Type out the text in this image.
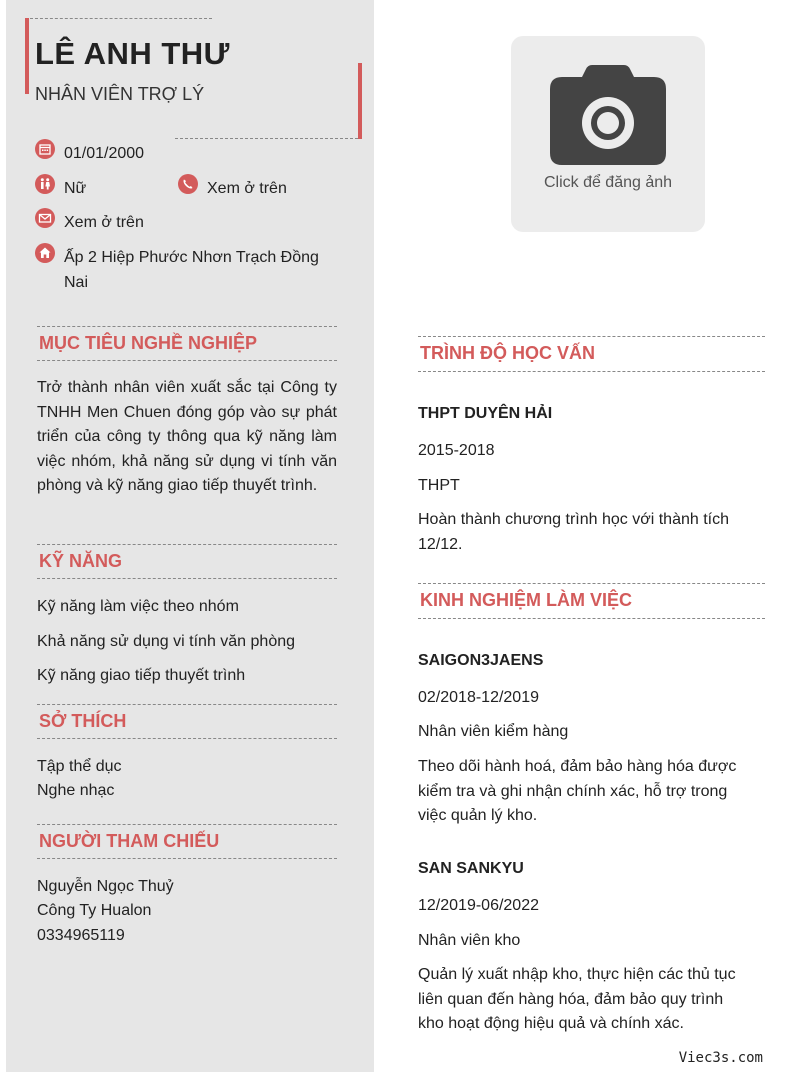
LÊ ANH THƯ
NHÂN VIÊN TRỢ LÝ
01/01/2000
Nữ	Xem ở trên
Xem ở trên
Ấp 2 Hiệp Phước Nhơn Trạch Đồng
Nai
MỤC TIÊU NGHỀ NGHIỆP
Trở thành nhân viên xuất sắc tại Công ty TNHH Men Chuen đóng góp vào sự phát triển của công ty thông qua kỹ năng làm việc nhóm, khả năng sử dụng vi tính văn phòng và kỹ năng giao tiếp thuyết trình.
KỸ NĂNG
Kỹ năng làm việc theo nhóm
Khả năng sử dụng vi tính văn phòng
Kỹ năng giao tiếp thuyết trình
SỞ THÍCH
Tập thể dục
Nghe nhạc
NGƯỜI THAM CHIẾU
Nguyễn Ngọc Thuỷ
Công Ty Hualon
0334965119
Click để đăng ảnh
TRÌNH ĐỘ HỌC VẤN
THPT DUYÊN HẢI
2015-2018
THPT
Hoàn thành chương trình học với thành tích
12/12.
KINH NGHIỆM LÀM VIỆC
SAIGON3JAENS
02/2018-12/2019
Nhân viên kiểm hàng
Theo dõi hành hoá, đảm bảo hàng hóa được
kiểm tra và ghi nhận chính xác, hỗ trợ trong
việc quản lý kho.
SAN SANKYU
12/2019-06/2022
Nhân viên kho
Quản lý xuất nhập kho, thực hiện các thủ tục
liên quan đến hàng hóa, đảm bảo quy trình
kho hoạt động hiệu quả và chính xác.
Viec3s.com
